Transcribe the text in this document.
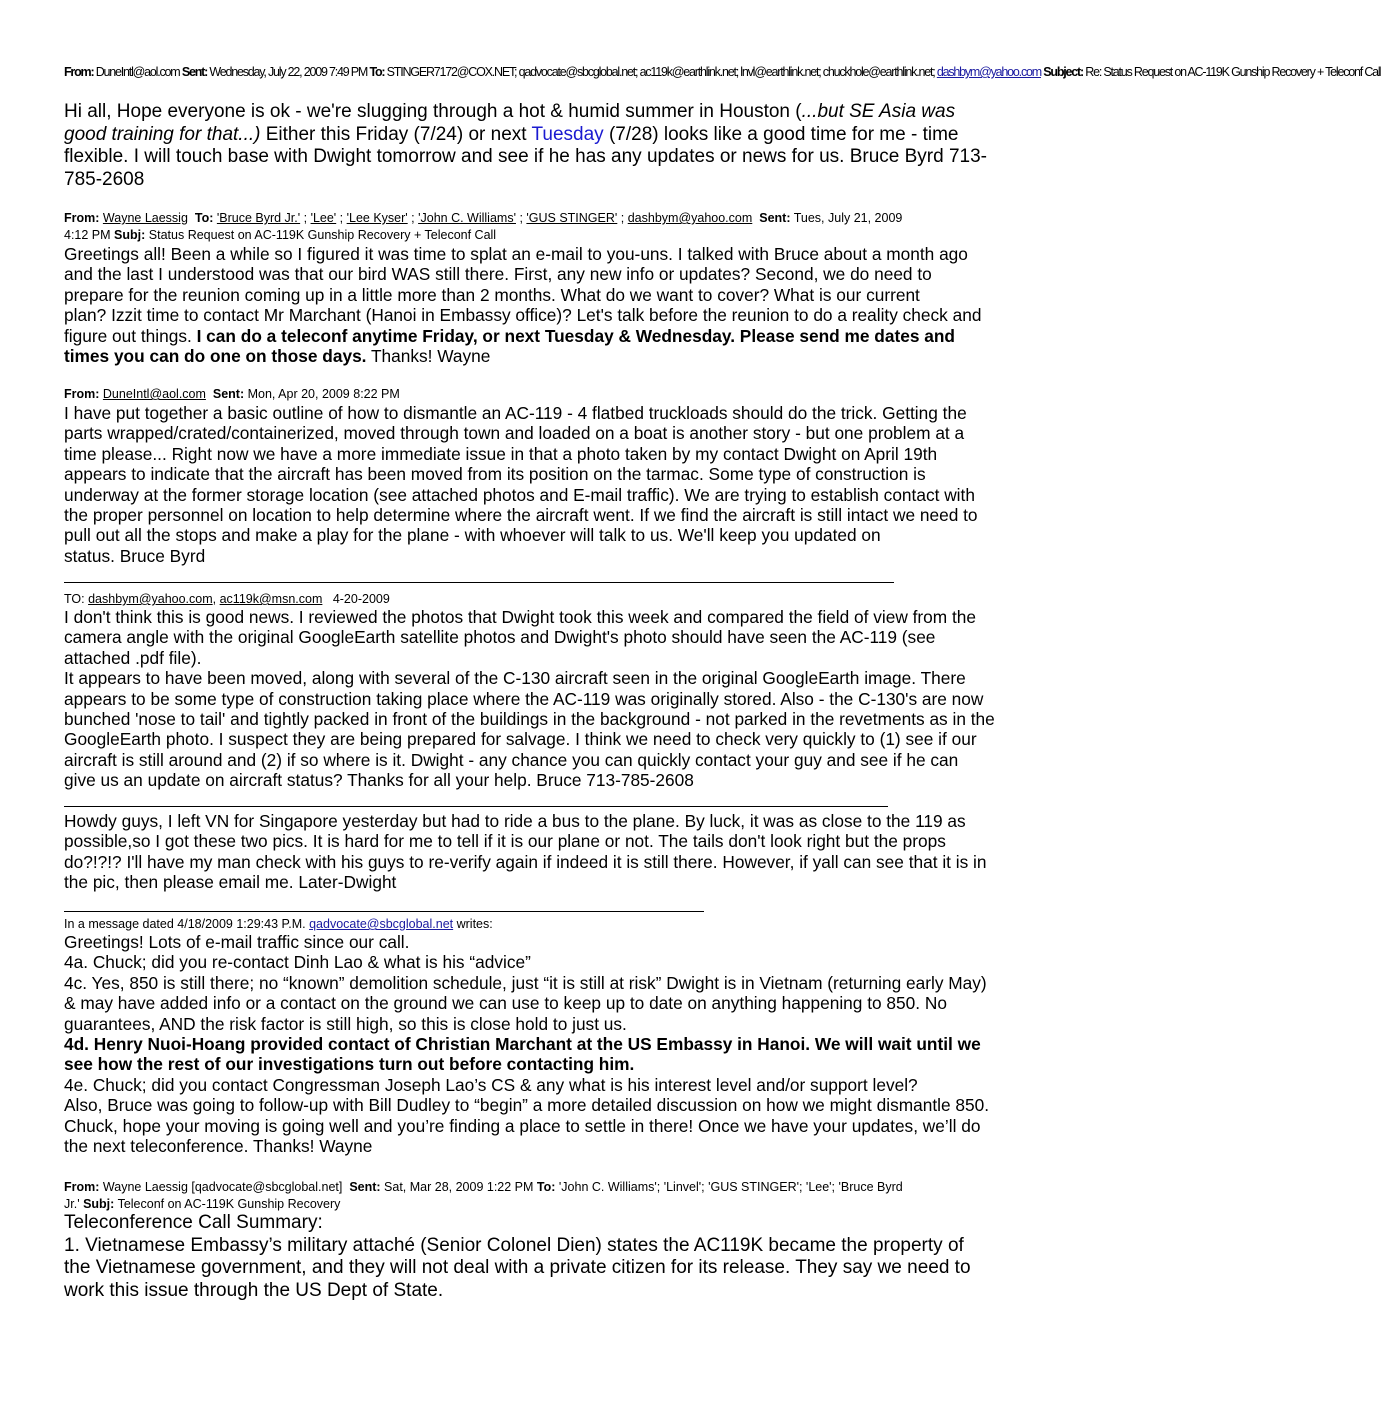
From: DuneIntl@aol.com Sent: Wednesday, July 22, 2009 7:49 PM To: STINGER7172@COX.NET; qadvocate@sbcglobal.net; ac119k@earthlink.net; lnvl@earthlink.net; chuckhole@earthlink.net; dashbym@yahoo.com Subject: Re: Status Request on AC-119K Gunship Recovery + Teleconf Call
Hi all, Hope everyone is ok - we're slugging through a hot & humid summer in Houston (...but SE Asia was
good training for that...) Either this Friday (7/24) or next Tuesday (7/28) looks like a good time for me - time
flexible. I will touch base with Dwight tomorrow and see if he has any updates or news for us. Bruce Byrd 713-
785-2608
From: Wayne Laessig To: 'Bruce Byrd Jr.' ; 'Lee' ; 'Lee Kyser' ; 'John C. Williams' ; 'GUS STINGER' ; dashbym@yahoo.com Sent: Tues, July 21, 2009
4:12 PM Subj: Status Request on AC-119K Gunship Recovery + Teleconf Call
Greetings all! Been a while so I figured it was time to splat an e-mail to you-uns. I talked with Bruce about a month ago
and the last I understood was that our bird WAS still there. First, any new info or updates? Second, we do need to
prepare for the reunion coming up in a little more than 2 months. What do we want to cover? What is our current
plan? Izzit time to contact Mr Marchant (Hanoi in Embassy office)? Let's talk before the reunion to do a reality check and
figure out things. I can do a teleconf anytime Friday, or next Tuesday & Wednesday. Please send me dates and
times you can do one on those days. Thanks! Wayne
From: DuneIntl@aol.com Sent: Mon, Apr 20, 2009 8:22 PM
I have put together a basic outline of how to dismantle an AC-119 - 4 flatbed truckloads should do the trick. Getting the
parts wrapped/crated/containerized, moved through town and loaded on a boat is another story - but one problem at a
time please... Right now we have a more immediate issue in that a photo taken by my contact Dwight on April 19th
appears to indicate that the aircraft has been moved from its position on the tarmac. Some type of construction is
underway at the former storage location (see attached photos and E-mail traffic). We are trying to establish contact with
the proper personnel on location to help determine where the aircraft went. If we find the aircraft is still intact we need to
pull out all the stops and make a play for the plane - with whoever will talk to us. We'll keep you updated on
status. Bruce Byrd
TO: dashbym@yahoo.com, ac119k@msn.com 4-20-2009
I don't think this is good news. I reviewed the photos that Dwight took this week and compared the field of view from the
camera angle with the original GoogleEarth satellite photos and Dwight's photo should have seen the AC-119 (see
attached .pdf file).
It appears to have been moved, along with several of the C-130 aircraft seen in the original GoogleEarth image. There
appears to be some type of construction taking place where the AC-119 was originally stored. Also - the C-130's are now
bunched 'nose to tail' and tightly packed in front of the buildings in the background - not parked in the revetments as in the
GoogleEarth photo. I suspect they are being prepared for salvage. I think we need to check very quickly to (1) see if our
aircraft is still around and (2) if so where is it. Dwight - any chance you can quickly contact your guy and see if he can
give us an update on aircraft status? Thanks for all your help. Bruce 713-785-2608
Howdy guys, I left VN for Singapore yesterday but had to ride a bus to the plane. By luck, it was as close to the 119 as
possible,so I got these two pics. It is hard for me to tell if it is our plane or not. The tails don't look right but the props
do?!?!? I'll have my man check with his guys to re-verify again if indeed it is still there. However, if yall can see that it is in
the pic, then please email me. Later-Dwight
In a message dated 4/18/2009 1:29:43 P.M. qadvocate@sbcglobal.net writes:
Greetings! Lots of e-mail traffic since our call.
4a. Chuck; did you re-contact Dinh Lao & what is his “advice”
4c. Yes, 850 is still there; no “known” demolition schedule, just “it is still at risk” Dwight is in Vietnam (returning early May)
& may have added info or a contact on the ground we can use to keep up to date on anything happening to 850. No
guarantees, AND the risk factor is still high, so this is close hold to just us.
4d. Henry Nuoi-Hoang provided contact of Christian Marchant at the US Embassy in Hanoi. We will wait until we
see how the rest of our investigations turn out before contacting him.
4e. Chuck; did you contact Congressman Joseph Lao’s CS & any what is his interest level and/or support level?
Also, Bruce was going to follow-up with Bill Dudley to “begin” a more detailed discussion on how we might dismantle 850.
Chuck, hope your moving is going well and you’re finding a place to settle in there! Once we have your updates, we’ll do
the next teleconference. Thanks! Wayne
From: Wayne Laessig [qadvocate@sbcglobal.net] Sent: Sat, Mar 28, 2009 1:22 PM To: 'John C. Williams'; 'Linvel'; 'GUS STINGER'; 'Lee'; 'Bruce Byrd
Jr.' Subj: Teleconf on AC-119K Gunship Recovery
Teleconference Call Summary:
1. Vietnamese Embassy’s military attaché (Senior Colonel Dien) states the AC119K became the property of
the Vietnamese government, and they will not deal with a private citizen for its release. They say we need to
work this issue through the US Dept of State.
